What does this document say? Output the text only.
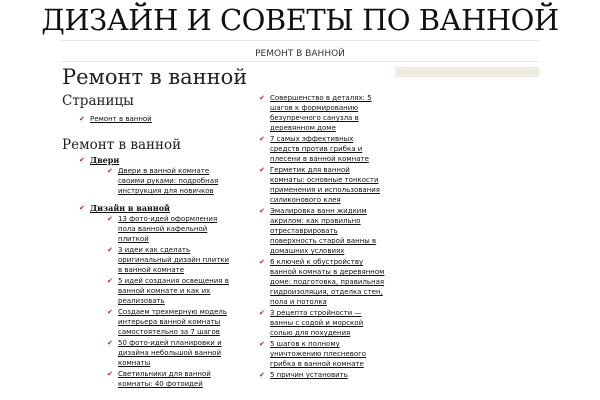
ДИЗАЙН И СОВЕТЫ ПО ВАННОЙ
РЕМОНТ В ВАННОЙ
Ремонт в ванной
Страницы
✔ Ремонт в ванной
Ремонт в ванной
✔ Двери
✔ Двери в ванной комнате своими руками: подробная инструкция для новичков
✔ Дизайн в ванной
✔ 13 фото-идей оформления пола ванной кафельной плиткой
✔ 3 идеи как сделать оригинальный дизайн плитки в ванной комнате
✔ 5 идей создания освещения в ванной комнате и как их реализовать
✔ Создаем трехмерную модель интерьера ванной комнаты самостоятельно за 7 шагов
✔ 50 фото-идей планировки и дизайна небольшой ванной комнаты
✔ Светильники для ванной комнаты: 40 фотоидей
✔ Совершенство в деталях: 5 шагов к формированию безупречного санузла в деревянном доме
✔ 7 самых эффективных средств против грибка и плесени в ванной комнате
✔ Герметик для ванной комнаты: основные тонкости применения и использования силиконового клея
✔ Эмалировка ванн жидким акрилом: как правильно отреставрировать поверхность старой ванны в домашних условиях
✔ 6 ключей к обустройству ванной комнаты в деревянном доме: подготовка, правильная гидроизоляция, отделка стен, пола и потолка
✔ 3 рецепта стройности — ванны с содой и морской солью для похудения
✔ 5 шагов к полному уничтожению плесневого грибка в ванной комнате
✔ 5 причин установить
